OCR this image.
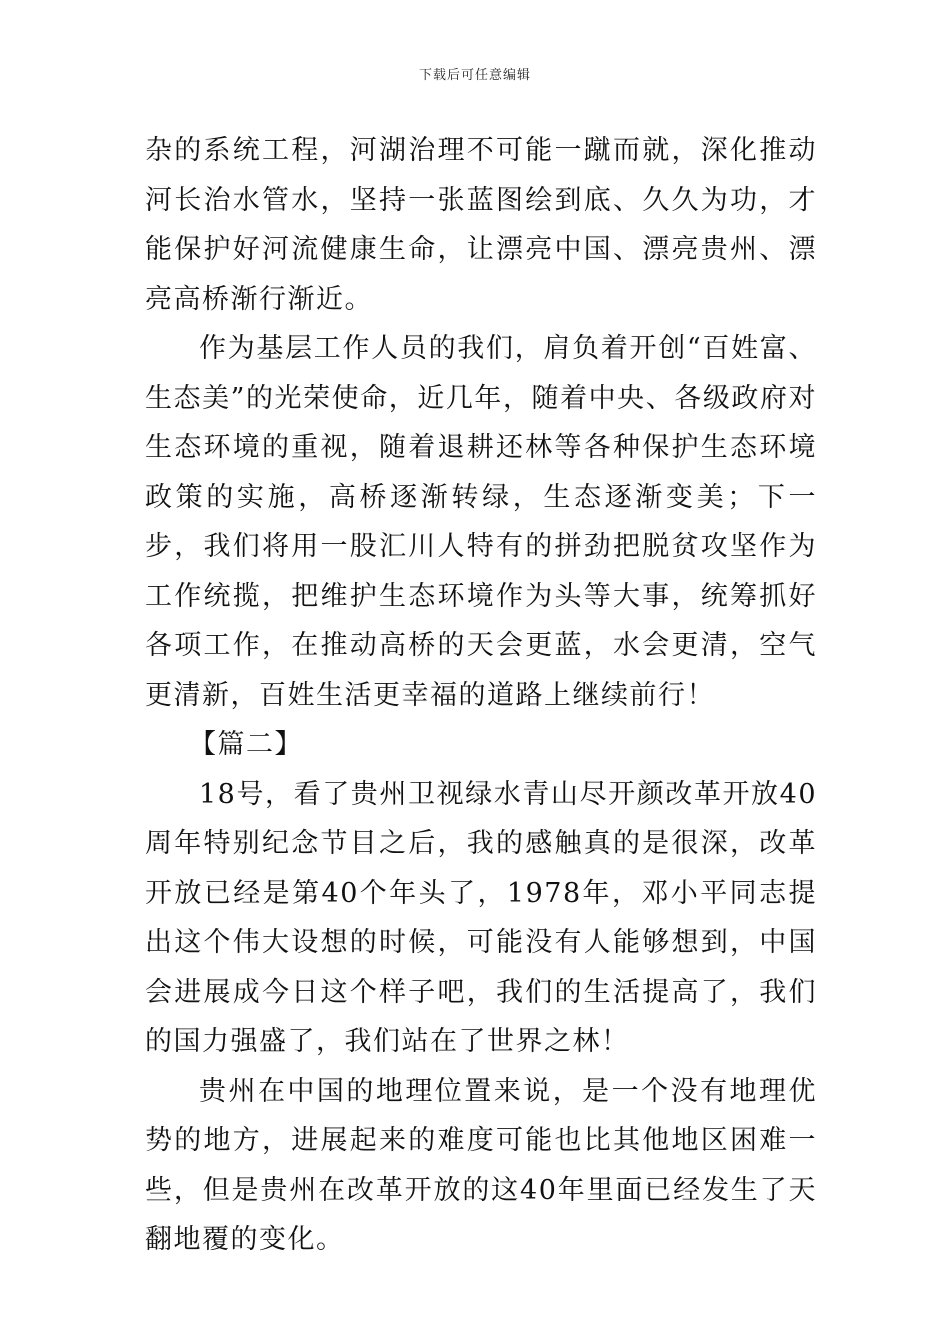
下载后可任意编辑

杂的系统工程，河湖治理不可能一蹴而就，深化推动河长治水管水，坚持一张蓝图绘到底、久久为功，才能保护好河流健康生命，让漂亮中国、漂亮贵州、漂亮高桥渐行渐近。

作为基层工作人员的我们，肩负着开创“百姓富、生态美”的光荣使命，近几年，随着中央、各级政府对生态环境的重视，随着退耕还林等各种保护生态环境政策的实施，高桥逐渐转绿，生态逐渐变美；下一步，我们将用一股汇川人特有的拼劲把脱贫攻坚作为工作统揽，把维护生态环境作为头等大事，统筹抓好各项工作，在推动高桥的天会更蓝，水会更清，空气更清新，百姓生活更幸福的道路上继续前行！

【篇二】

18号，看了贵州卫视绿水青山尽开颜改革开放40周年特别纪念节目之后，我的感触真的是很深，改革开放已经是第40个年头了，1978年，邓小平同志提出这个伟大设想的时候，可能没有人能够想到，中国会进展成今日这个样子吧，我们的生活提高了，我们的国力强盛了，我们站在了世界之林！

贵州在中国的地理位置来说，是一个没有地理优势的地方，进展起来的难度可能也比其他地区困难一些，但是贵州在改革开放的这40年里面已经发生了天翻地覆的变化。
